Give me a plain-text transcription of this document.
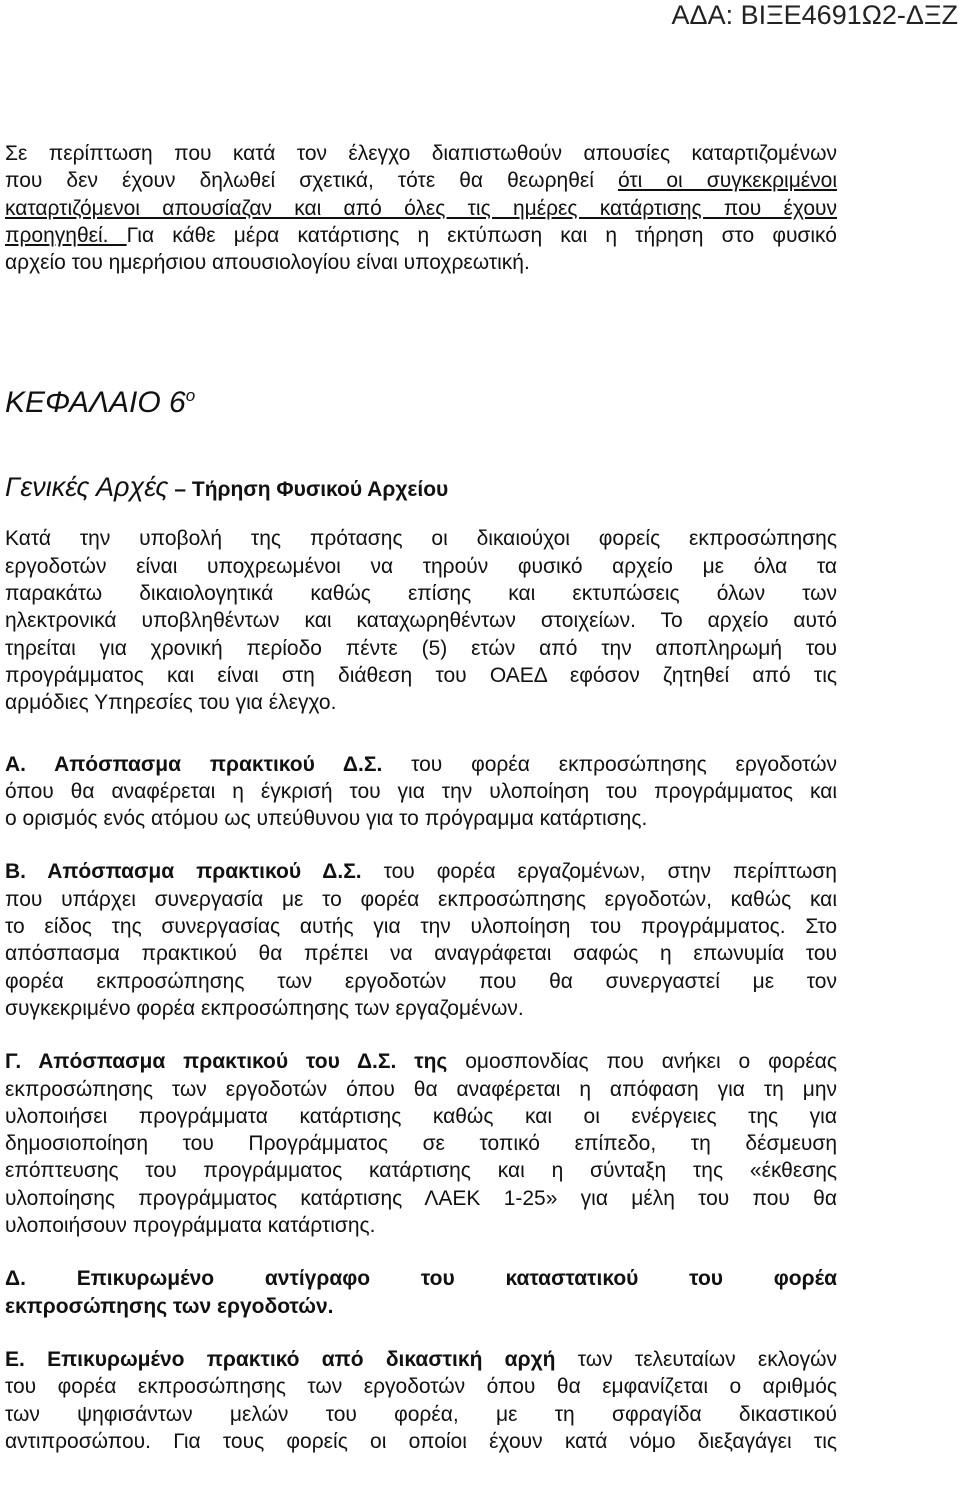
ΑΔΑ: ΒΙΞΕ4691Ω2-ΔΞΖ
Σε περίπτωση που κατά τον έλεγχο διαπιστωθούν απουσίες καταρτιζομένων
που δεν έχουν δηλωθεί σχετικά, τότε θα θεωρηθεί ότι οι συγκεκριμένοι
καταρτιζόμενοι απουσίαζαν και από όλες τις ημέρες κατάρτισης που έχουν
προηγηθεί. Για κάθε μέρα κατάρτισης η εκτύπωση και η τήρηση στο φυσικό
αρχείο του ημερήσιου απουσιολογίου είναι υποχρεωτική.
ΚΕΦΑΛΑΙΟ $6^o$
Γενικές Αρχές – Τήρηση Φυσικού Αρχείου
Κατά την υποβολή της πρότασης οι δικαιούχοι φορείς εκπροσώπησης
εργοδοτών είναι υποχρεωμένοι να τηρούν φυσικό αρχείο με όλα τα
παρακάτω δικαιολογητικά καθώς επίσης και εκτυπώσεις όλων των
ηλεκτρονικά υποβληθέντων και καταχωρηθέντων στοιχείων. Το αρχείο αυτό
τηρείται για χρονική περίοδο πέντε (5) ετών από την αποπληρωμή του
προγράμματος και είναι στη διάθεση του ΟΑΕΔ εφόσον ζητηθεί από τις
αρμόδιες Υπηρεσίες του για έλεγχο.
Α. Απόσπασμα πρακτικού Δ.Σ. του φορέα εκπροσώπησης εργοδοτών
όπου θα αναφέρεται η έγκρισή του για την υλοποίηση του προγράμματος και
ο ορισμός ενός ατόμου ως υπεύθυνου για το πρόγραμμα κατάρτισης.
Β. Απόσπασμα πρακτικού Δ.Σ. του φορέα εργαζομένων, στην περίπτωση
που υπάρχει συνεργασία με το φορέα εκπροσώπησης εργοδοτών, καθώς και
το είδος της συνεργασίας αυτής για την υλοποίηση του προγράμματος. Στο
απόσπασμα πρακτικού θα πρέπει να αναγράφεται σαφώς η επωνυμία του
φορέα εκπροσώπησης των εργοδοτών που θα συνεργαστεί με τον
συγκεκριμένο φορέα εκπροσώπησης των εργαζομένων.
Γ. Απόσπασμα πρακτικού του Δ.Σ. της ομοσπονδίας που ανήκει ο φορέας
εκπροσώπησης των εργοδοτών όπου θα αναφέρεται η απόφαση για τη μην
υλοποιήσει προγράμματα κατάρτισης καθώς και οι ενέργειες της για
δημοσιοποίηση του Προγράμματος σε τοπικό επίπεδο, τη δέσμευση
επόπτευσης του προγράμματος κατάρτισης και η σύνταξη της «έκθεσης
υλοποίησης προγράμματος κατάρτισης ΛΑΕΚ 1-25» για μέλη του που θα
υλοποιήσουν προγράμματα κατάρτισης.
Δ. Επικυρωμένο αντίγραφο του καταστατικού του φορέα
εκπροσώπησης των εργοδοτών.
Ε. Επικυρωμένο πρακτικό από δικαστική αρχή των τελευταίων εκλογών
του φορέα εκπροσώπησης των εργοδοτών όπου θα εμφανίζεται ο αριθμός
των ψηφισάντων μελών του φορέα, με τη σφραγίδα δικαστικού
αντιπροσώπου. Για τους φορείς οι οποίοι έχουν κατά νόμο διεξαγάγει τις
